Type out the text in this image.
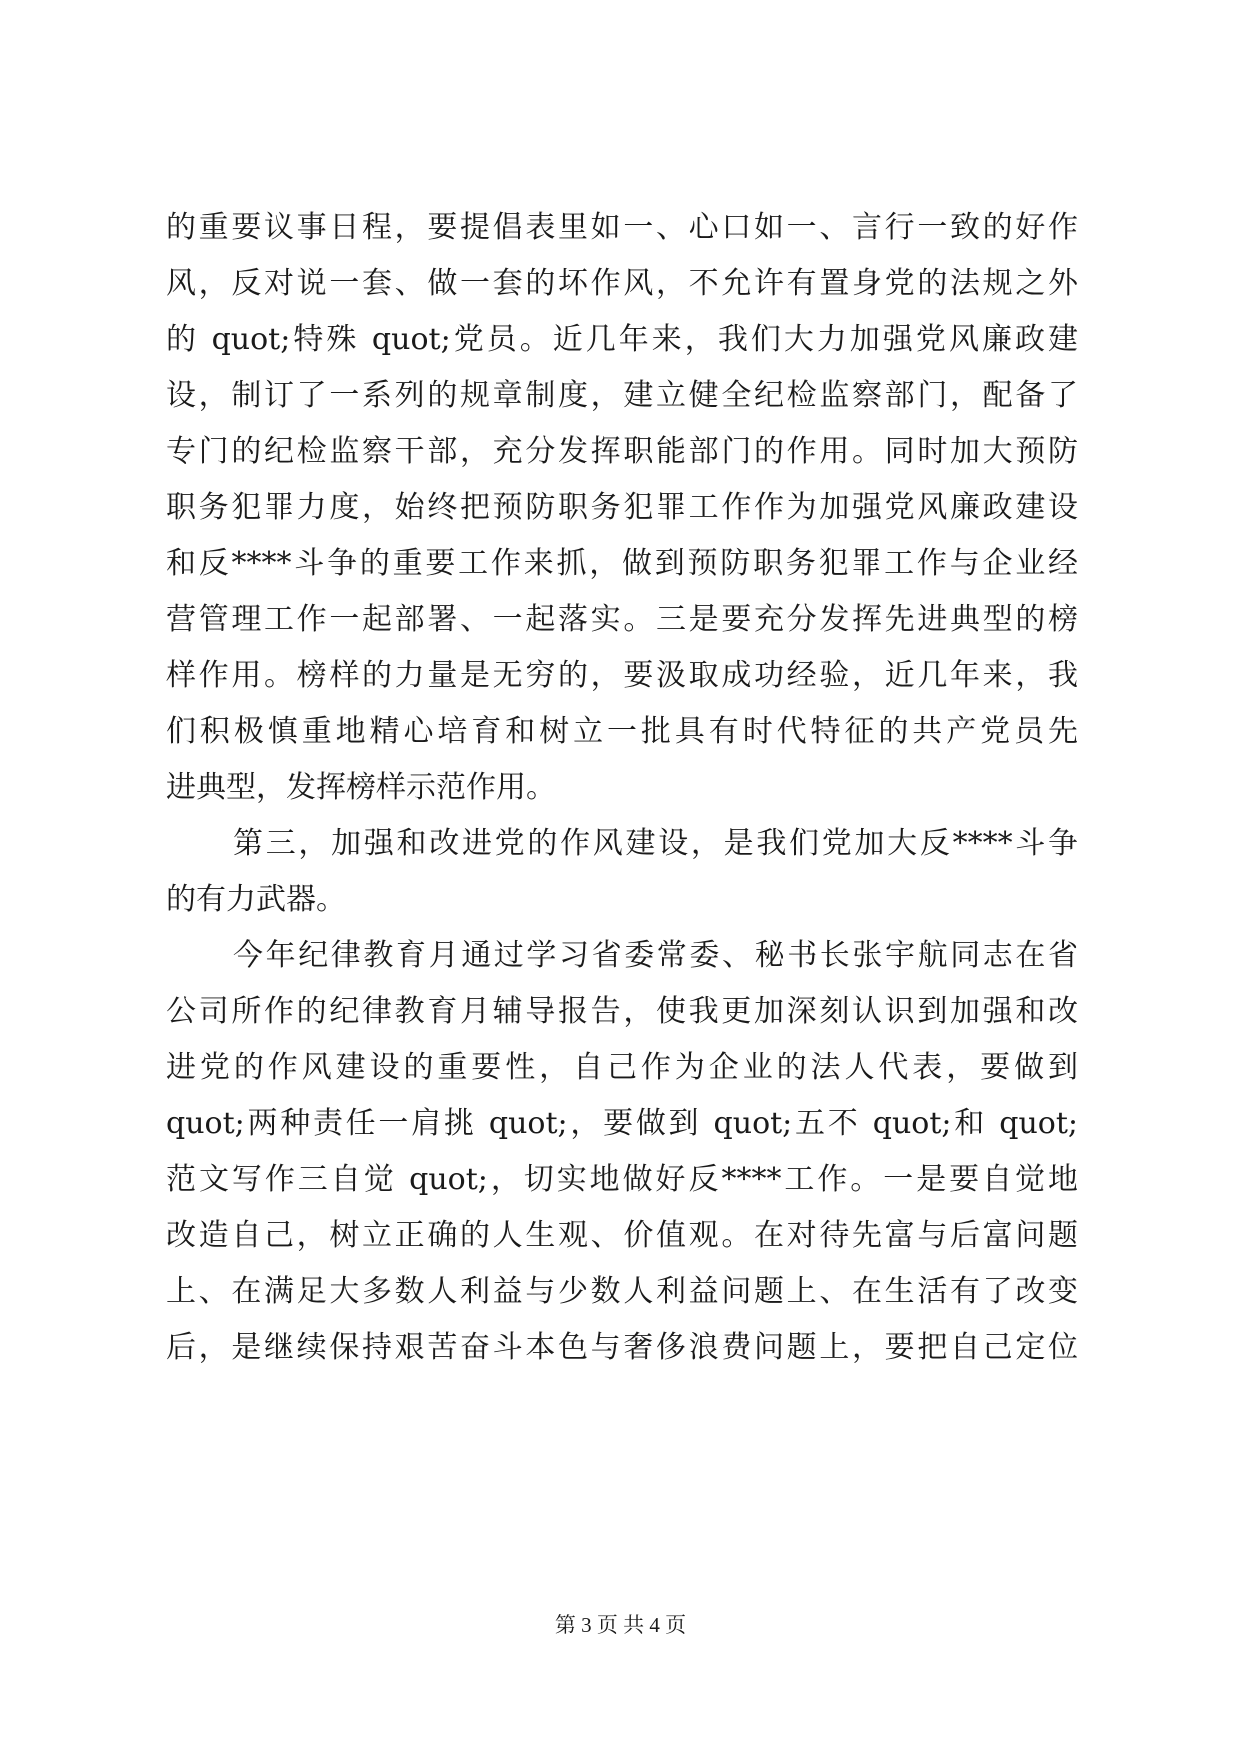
的重要议事日程，要提倡表里如一、心口如一、言行一致的好作
风，反对说一套、做一套的坏作风，不允许有置身党的法规之外
的 quot;特殊 quot;党员。近几年来，我们大力加强党风廉政建
设，制订了一系列的规章制度，建立健全纪检监察部门，配备了
专门的纪检监察干部，充分发挥职能部门的作用。同时加大预防
职务犯罪力度，始终把预防职务犯罪工作作为加强党风廉政建设
和反****斗争的重要工作来抓，做到预防职务犯罪工作与企业经
营管理工作一起部署、一起落实。三是要充分发挥先进典型的榜
样作用。榜样的力量是无穷的，要汲取成功经验，近几年来，我
们积极慎重地精心培育和树立一批具有时代特征的共产党员先
进典型，发挥榜样示范作用。
第三，加强和改进党的作风建设，是我们党加大反****斗争
的有力武器。
今年纪律教育月通过学习省委常委、秘书长张宇航同志在省
公司所作的纪律教育月辅导报告，使我更加深刻认识到加强和改
进党的作风建设的重要性，自己作为企业的法人代表，要做到
quot;两种责任一肩挑 quot;，要做到 quot;五不 quot;和 quot;
范文写作三自觉 quot;，切实地做好反****工作。一是要自觉地
改造自己，树立正确的人生观、价值观。在对待先富与后富问题
上、在满足大多数人利益与少数人利益问题上、在生活有了改变
后，是继续保持艰苦奋斗本色与奢侈浪费问题上，要把自己定位
第 3 页 共 4 页
